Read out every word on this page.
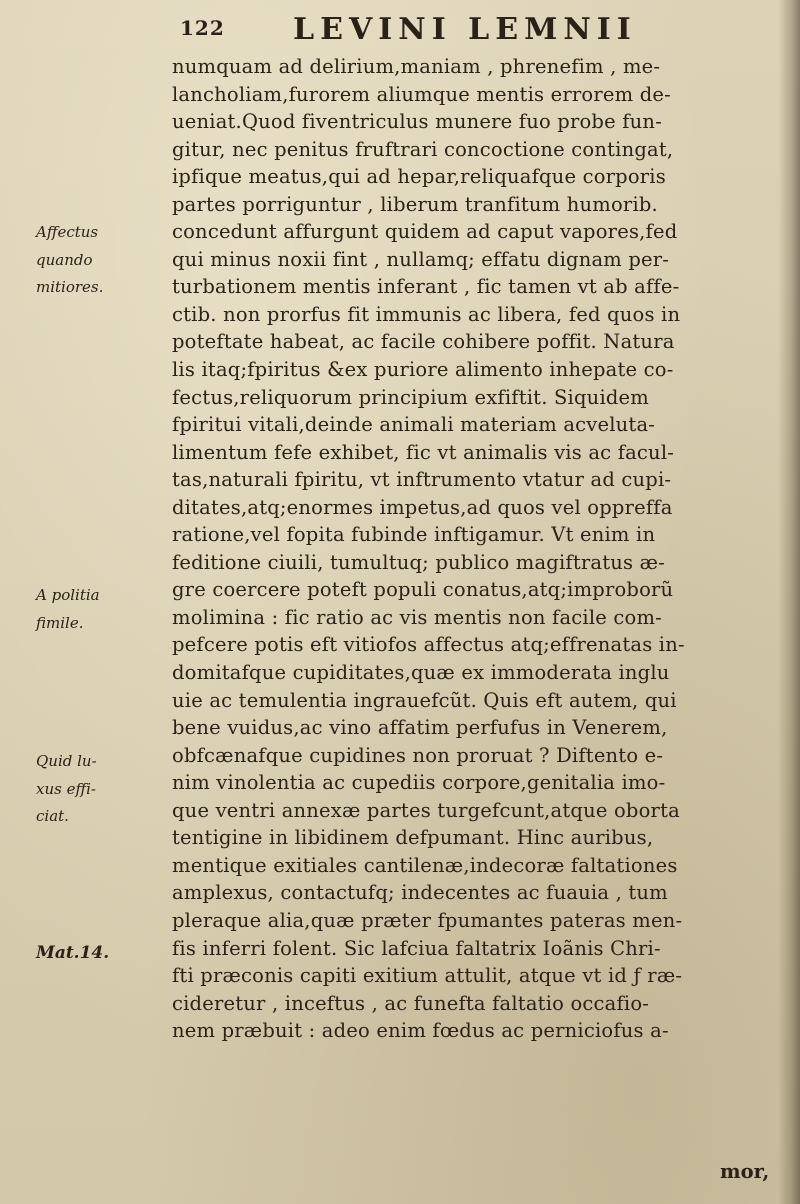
122 LEVINI LEMNII
Affectus
quando
mitiores.
A politia
fimile.
Quid lu-
xus effi-
ciat.
Mat.14.
numquam ad delirium,maniam , phrenefim , me-
lancholiam,furorem aliumque mentis errorem de-
ueniat.Quod fiventriculus munere fuo probe fun-
gitur, nec penitus fruftrari concoctione contingat,
ipfique meatus,qui ad hepar,reliquafque corporis
partes porriguntur , liberum tranfitum humorib.
concedunt affurgunt quidem ad caput vapores,fed
qui minus noxii fint , nullamq; effatu dignam per-
turbationem mentis inferant , fic tamen vt ab affe-
ctib. non prorfus fit immunis ac libera, fed quos in
poteftate habeat, ac facile cohibere poffit. Natura
lis itaq;fpiritus &ex puriore alimento inhepate co-
fectus,reliquorum principium exfiftit. Siquidem
fpiritui vitali,deinde animali materiam acveluta-
limentum fefe exhibet, fic vt animalis vis ac facul-
tas,naturali fpiritu, vt inftrumento vtatur ad cupi-
ditates,atq;enormes impetus,ad quos vel oppreffa
ratione,vel fopita fubinde inftigamur. Vt enim in
feditione ciuili, tumultuq; publico magiftratus æ-
gre coercere poteft populi conatus,atq;improborũ
molimina : fic ratio ac vis mentis non facile com-
pefcere potis eft vitiofos affectus atq;effrenatas in-
domitafque cupiditates,quæ ex immoderata inglu
uie ac temulentia ingrauefcũt. Quis eft autem, qui
bene vuidus,ac vino affatim perfufus in Venerem,
obfcænafque cupidines non proruat ? Diftento e-
nim vinolentia ac cupediis corpore,genitalia imo-
que ventri annexæ partes turgefcunt,atque oborta
tentigine in libidinem defpumant. Hinc auribus,
mentique exitiales cantilenæ,indecoræ faltationes
amplexus, contactufq; indecentes ac fuauia , tum
pleraque alia,quæ præter fpumantes pateras men-
fis inferri folent. Sic lafciua faltatrix Ioãnis Chri-
fti præconis capiti exitium attulit, atque vt id ƒ ræ-
cideretur , inceftus , ac funefta faltatio occafio-
nem præbuit : adeo enim fœdus ac perniciofus a-
mor,
